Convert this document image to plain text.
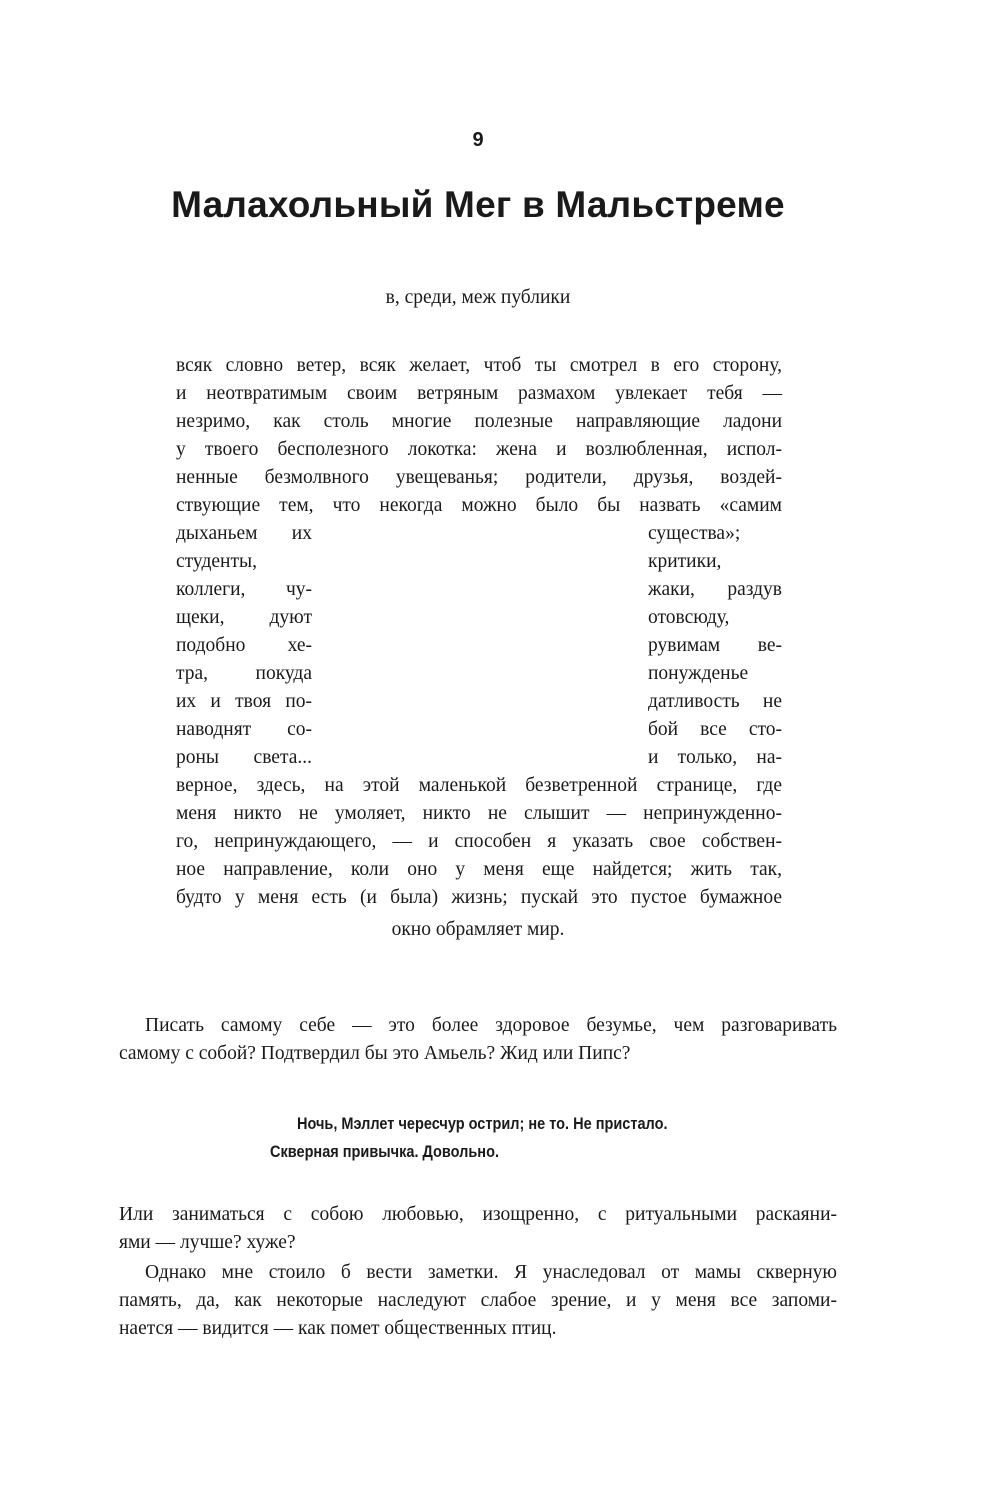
9
Малахольный Мег в Мальстреме
в, среди, меж публики
всяк словно ветер, всяк желает, чтоб ты смотрел в его сторону,
и неотвратимым своим ветряным размахом увлекает тебя —
незримо, как столь многие полезные направляющие ладони
у твоего бесполезного локотка: жена и возлюбленная, испол-
ненные безмолвного увещеванья; родители, друзья, воздей-
ствующие тем, что некогда можно было бы назвать «самим
дыханьем их
студенты,
коллеги, чу-
щеки, дуют
подобно хе-
тра, покуда
их и твоя по-
наводнят со-
роны света...
существа»;
критики,
жаки, раздув
отовсюду,
рувимам ве-
понужденье
датливость не
бой все сто-
и только, на-
верное, здесь, на этой маленькой безветренной странице, где
меня никто не умоляет, никто не слышит — непринужденно-
го, непринуждающего, — и способен я указать свое собствен-
ное направление, коли оно у меня еще найдется; жить так,
будто у меня есть (и была) жизнь; пускай это пустое бумажное
окно обрамляет мир.
Писать самому себе — это более здоровое безумье, чем разговаривать
самому с собой? Подтвердил бы это Амьель? Жид или Пипс?
Ночь, Мэллет чересчур острил; не то. Не пристало.
Скверная привычка. Довольно.
Или заниматься с собою любовью, изощренно, с ритуальными раскаяни-
ями — лучше? хуже?
Однако мне стоило б вести заметки. Я унаследовал от мамы скверную
память, да, как некоторые наследуют слабое зрение, и у меня все запоми-
нается — видится — как помет общественных птиц.
